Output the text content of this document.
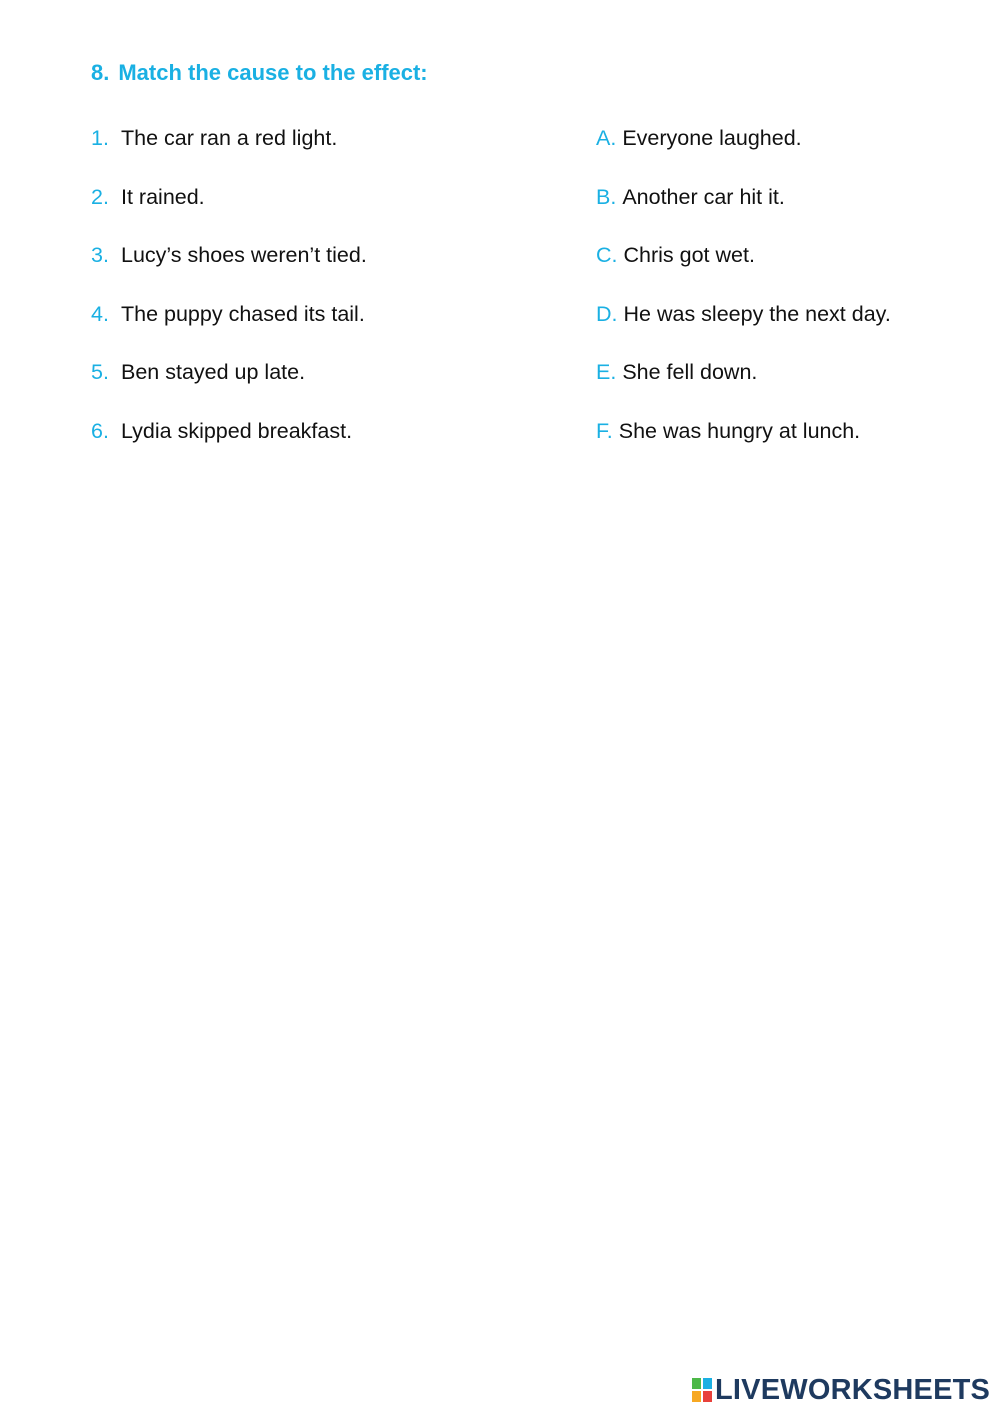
8. Match the cause to the effect:
1. The car ran a red light.
2. It rained.
3. Lucy’s shoes weren’t tied.
4. The puppy chased its tail.
5. Ben stayed up late.
6. Lydia skipped breakfast.
A. Everyone laughed.
B. Another car hit it.
C. Chris got wet.
D. He was sleepy the next day.
E. She fell down.
F. She was hungry at lunch.
LIVEWORKSHEETS
